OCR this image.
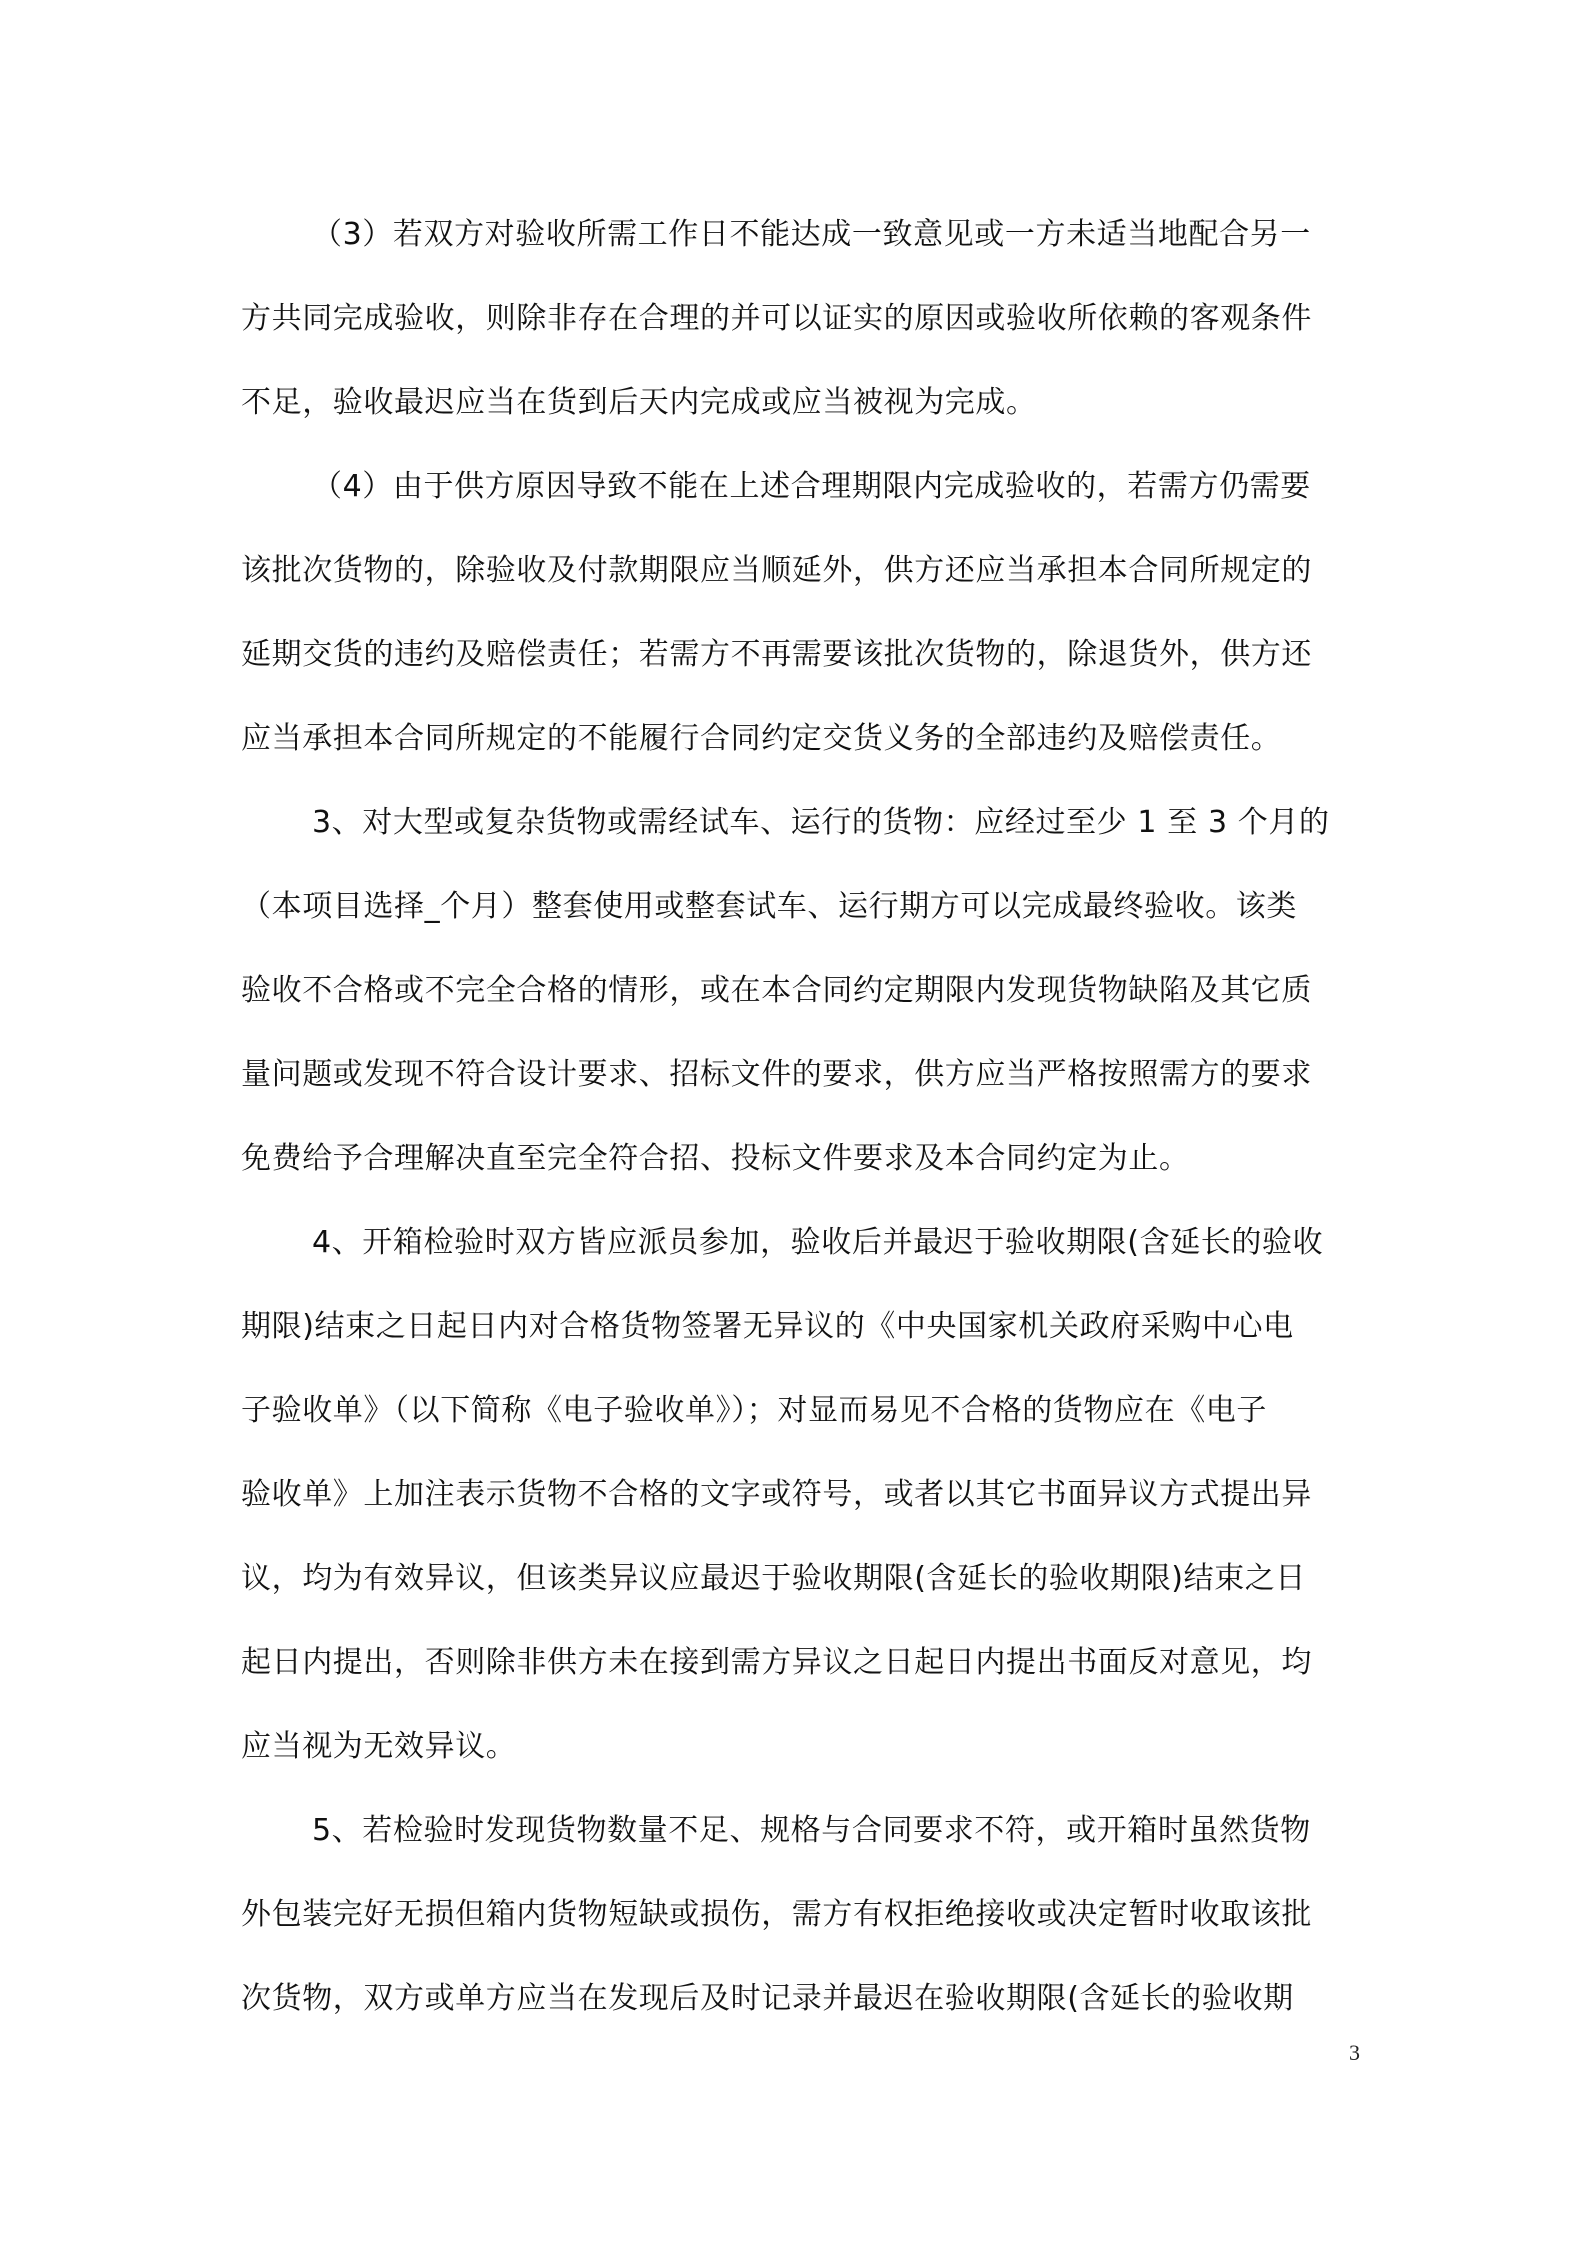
（3）若双方对验收所需工作日不能达成一致意见或一方未适当地配合另一
方共同完成验收，则除非存在合理的并可以证实的原因或验收所依赖的客观条件
不足，验收最迟应当在货到后天内完成或应当被视为完成。

（4）由于供方原因导致不能在上述合理期限内完成验收的，若需方仍需要
该批次货物的，除验收及付款期限应当顺延外，供方还应当承担本合同所规定的
延期交货的违约及赔偿责任；若需方不再需要该批次货物的，除退货外，供方还
应当承担本合同所规定的不能履行合同约定交货义务的全部违约及赔偿责任。

3、对大型或复杂货物或需经试车、运行的货物：应经过至少 1 至 3 个月的
（本项目选择_个月）整套使用或整套试车、运行期方可以完成最终验收。该类
验收不合格或不完全合格的情形，或在本合同约定期限内发现货物缺陷及其它质
量问题或发现不符合设计要求、招标文件的要求，供方应当严格按照需方的要求
免费给予合理解决直至完全符合招、投标文件要求及本合同约定为止。

4、开箱检验时双方皆应派员参加，验收后并最迟于验收期限(含延长的验收
期限)结束之日起日内对合格货物签署无异议的《中央国家机关政府采购中心电
子验收单》（以下简称《电子验收单》）；对显而易见不合格的货物应在《电子
验收单》上加注表示货物不合格的文字或符号，或者以其它书面异议方式提出异
议，均为有效异议，但该类异议应最迟于验收期限(含延长的验收期限)结束之日
起日内提出，否则除非供方未在接到需方异议之日起日内提出书面反对意见，均
应当视为无效异议。

5、若检验时发现货物数量不足、规格与合同要求不符，或开箱时虽然货物
外包装完好无损但箱内货物短缺或损伤，需方有权拒绝接收或决定暂时收取该批
次货物，双方或单方应当在发现后及时记录并最迟在验收期限(含延长的验收期

3
